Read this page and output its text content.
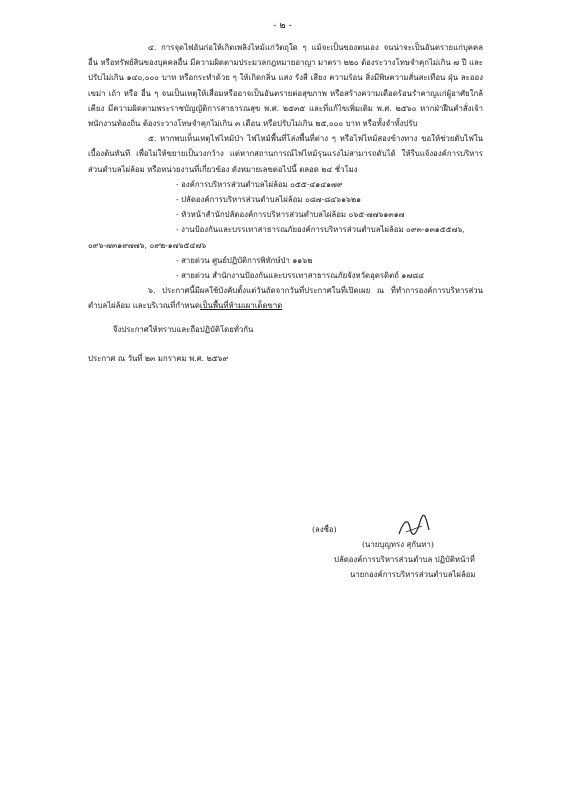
- ๒ -

๔. การจุดไฟอันก่อให้เกิดเพลิงไหม้แก่วัตถุใด ๆ แม้จะเป็นของตนเอง จนน่าจะเป็นอันตรายแก่บุคคลอื่น หรือทรัพย์สินของบุคคลอื่น มีความผิดตามประมวลกฎหมายอาญา มาตรา ๒๒๐ ต้องระวางโทษจำคุกไม่เกิน ๗ ปี และปรับไม่เกิน ๑๔๐,๐๐๐ บาท หรือกระทำด้วย ๆ ให้เกิดกลิ่น แสง รังสี เสียง ความร้อน สิ่งมีพิษความสั่นสะเทือน ฝุ่น ละออง เขม่า เถ้า หรือ อื่น ๆ จนเป็นเหตุให้เสื่อมหรืออาจเป็นอันตรายต่อสุขภาพ หรือสร้างความเดือดร้อนรำคาญแก่ผู้อาศัยใกล้เคียง มีความผิดตามพระราชบัญญัติการสาธารณสุข พ.ศ. ๒๕๓๕ และที่แก้ไขเพิ่มเติม พ.ศ. ๒๕๖๐ หากฝ่าฝืนคำสั่งเจ้าพนักงานท้องถิ่น ต้องระวางโทษจำคุกไม่เกิน ๓ เดือน หรือปรับไม่เกิน ๒๕,๐๐๐ บาท หรือทั้งจำทั้งปรับ

๕. หากพบเห็นเหตุไฟไหม้ป่า ไฟไหม้พื้นที่โล่งพื้นที่ต่าง ๆ หรือไฟไหม้สองข้างทาง ขอให้ช่วยดับไฟในเบื้องต้นทันที เพื่อไม่ให้ขยายเป็นวงกว้าง แต่หากสถานการณ์ไฟไหม้รุนแรงไม่สามารถดับได้ ให้รีบแจ้งองค์การบริหารส่วนตำบลไผ่ล้อม หรือหน่วยงานที่เกี่ยวข้อง ดังหมายเลขต่อไปนี้ ตลอด ๒๔ ชั่วโมง

- องค์การบริหารส่วนตำบลไผ่ล้อม ๐๕๕-๔๑๔๑๗๙
- ปลัดองค์การบริหารส่วนตำบลไผ่ล้อม ๐๘๗-๘๔๖๑๖๒๑
- หัวหน้าสำนักปลัดองค์การบริหารส่วนตำบลไผ่ล้อม ๐๖๕-๗๗๖๑๓๑๗
- งานป้องกันและบรรเทาสาธารณภัยองค์การบริหารส่วนตำบลไผ่ล้อม ๐๙๓-๑๓๑๕๕๗๖,
๐๙๖-๗๓๑๙๗๗๖, ๐๙๒-๑๗๖๕๔๗๖
- สายด่วน ศูนย์ปฏิบัติการพิทักษ์ป่า ๑๑๖๒
- สายด่วน สำนักงานป้องกันและบรรเทาสาธารณภัยจังหวัดอุตรดิตถ์ ๑๗๘๔

๖. ประกาศนี้มีผลใช้บังคับตั้งแต่วันถัดจากวันที่ประกาศในที่เปิดเผย ณ ที่ทำการองค์การบริหารส่วนตำบลไผ่ล้อม และบริเวณที่กำหนดเป็นพื้นที่ห้ามเผาเด็ดขาด

จึงประกาศให้ทราบและถือปฏิบัติโดยทั่วกัน

ประกาศ ณ วันที่ ๒๓ มกราคม พ.ศ. ๒๕๖๙

(ลงชื่อ)
(นายบุญทรง สุกันทา)
ปลัดองค์การบริหารส่วนตำบล ปฏิบัติหน้าที่
นายกองค์การบริหารส่วนตำบลไผ่ล้อม
